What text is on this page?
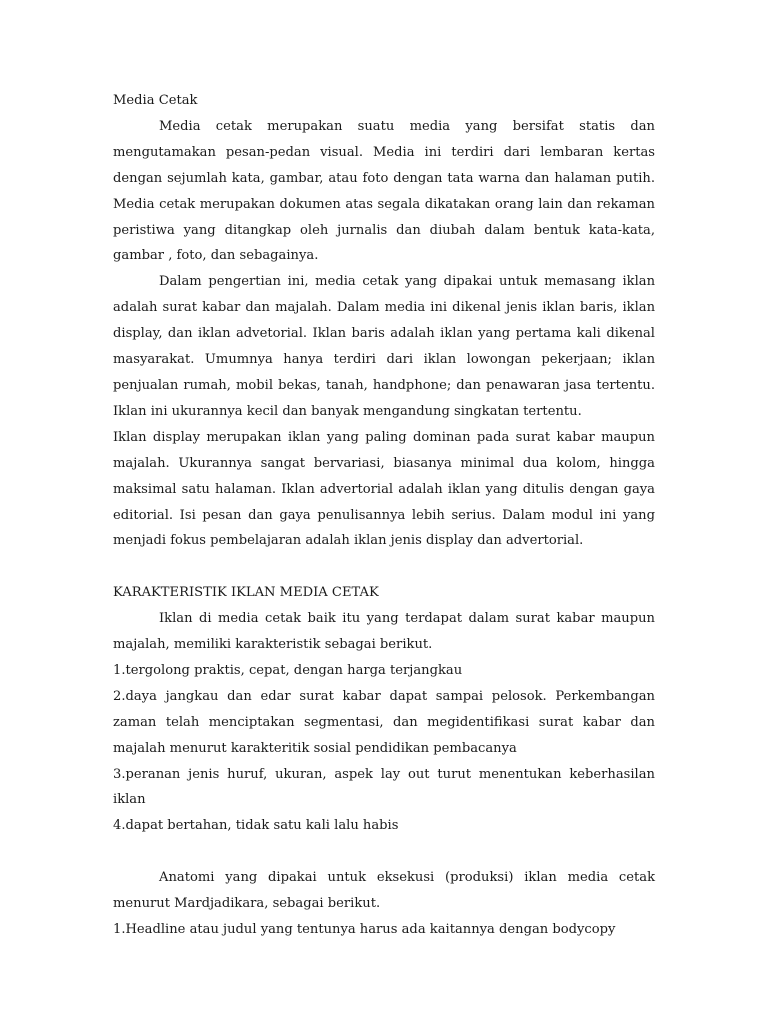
Media Cetak

Media cetak merupakan suatu media yang bersifat statis dan mengutamakan pesan-pedan visual. Media ini terdiri dari lembaran kertas dengan sejumlah kata, gambar, atau foto dengan tata warna dan halaman putih. Media cetak merupakan dokumen atas segala dikatakan orang lain dan rekaman peristiwa yang ditangkap oleh jurnalis dan diubah dalam bentuk kata-kata, gambar , foto, dan sebagainya.

Dalam pengertian ini, media cetak yang dipakai untuk memasang iklan adalah surat kabar dan majalah. Dalam media ini dikenal jenis iklan baris, iklan display, dan iklan advetorial. Iklan baris adalah iklan yang pertama kali dikenal masyarakat. Umumnya hanya terdiri dari iklan lowongan pekerjaan; iklan penjualan rumah, mobil bekas, tanah, handphone; dan penawaran jasa tertentu. Iklan ini ukurannya kecil dan banyak mengandung singkatan tertentu.

Iklan display merupakan iklan yang paling dominan pada surat kabar maupun majalah. Ukurannya sangat bervariasi, biasanya minimal dua kolom, hingga maksimal satu halaman. Iklan advertorial adalah iklan yang ditulis dengan gaya editorial. Isi pesan dan gaya penulisannya lebih serius. Dalam modul ini yang menjadi fokus pembelajaran adalah iklan jenis display dan advertorial.

KARAKTERISTIK IKLAN MEDIA CETAK

Iklan di media cetak baik itu yang terdapat dalam surat kabar maupun majalah, memiliki karakteristik sebagai berikut.

1.tergolong praktis, cepat, dengan harga terjangkau

2.daya jangkau dan edar surat kabar dapat sampai pelosok. Perkembangan zaman telah menciptakan segmentasi, dan megidentifikasi surat kabar dan majalah menurut karakteritik sosial pendidikan pembacanya

3.peranan jenis huruf, ukuran, aspek lay out turut menentukan keberhasilan iklan

4.dapat bertahan, tidak satu kali lalu habis

Anatomi yang dipakai untuk eksekusi (produksi) iklan media cetak menurut Mardjadikara, sebagai berikut.

1.Headline atau judul yang tentunya harus ada kaitannya dengan bodycopy
